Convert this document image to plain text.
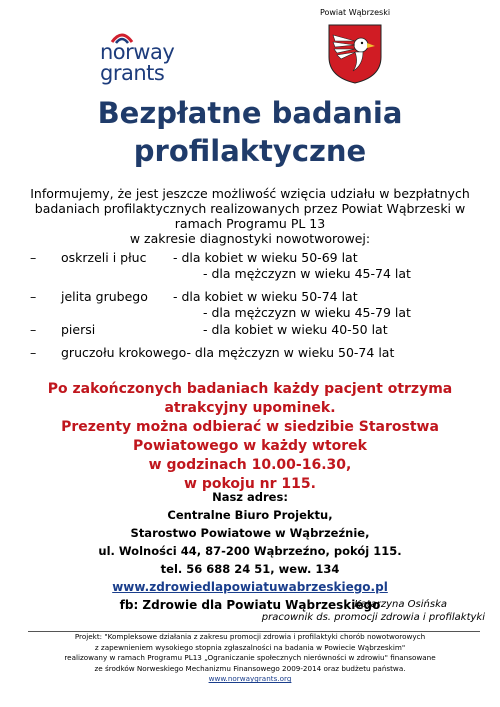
norway
grants
Powiat Wąbrzeski
Bezpłatne badania
profilaktyczne
Informujemy, że jest jeszcze możliwość wzięcia udziału w bezpłatnych
badaniach profilaktycznych realizowanych przez Powiat Wąbrzeski w
ramach Programu PL 13
w zakresie diagnostyki nowotworowej:
– oskrzeli i płuc - dla kobiet w wieku 50-69 lat
- dla mężczyzn w wieku 45-74 lat
– jelita grubego - dla kobiet w wieku 50-74 lat
- dla mężczyzn w wieku 45-79 lat
– piersi	- dla kobiet w wieku 40-50 lat
– gruczołu krokowego- dla mężczyzn w wieku 50-74 lat
Po zakończonych badaniach każdy pacjent otrzyma
atrakcyjny upominek.
Prezenty można odbierać w siedzibie Starostwa
Powiatowego w każdy wtorek
w godzinach 10.00-16.30,
w pokoju nr 115.
Nasz adres:
Centralne Biuro Projektu,
Starostwo Powiatowe w Wąbrzeźnie,
ul. Wolności 44, 87-200 Wąbrzeźno, pokój 115.
tel. 56 688 24 51, wew. 134
www.zdrowiedlapowiatuwabrzeskiego.pl
fb: Zdrowie dla Powiatu Wąbrzeskiego
Katarzyna Osińska
pracownik ds. promocji zdrowia i profilaktyki
Projekt: "Kompleksowe działania z zakresu promocji zdrowia i profilaktyki chorób nowotworowych
z zapewnieniem wysokiego stopnia zgłaszalności na badania w Powiecie Wąbrzeskim"
realizowany w ramach Programu PL13 „Ograniczanie społecznych nierówności w zdrowiu" finansowane
ze środków Norweskiego Mechanizmu Finansowego 2009-2014 oraz budżetu państwa.
www.norwaygrants.org
